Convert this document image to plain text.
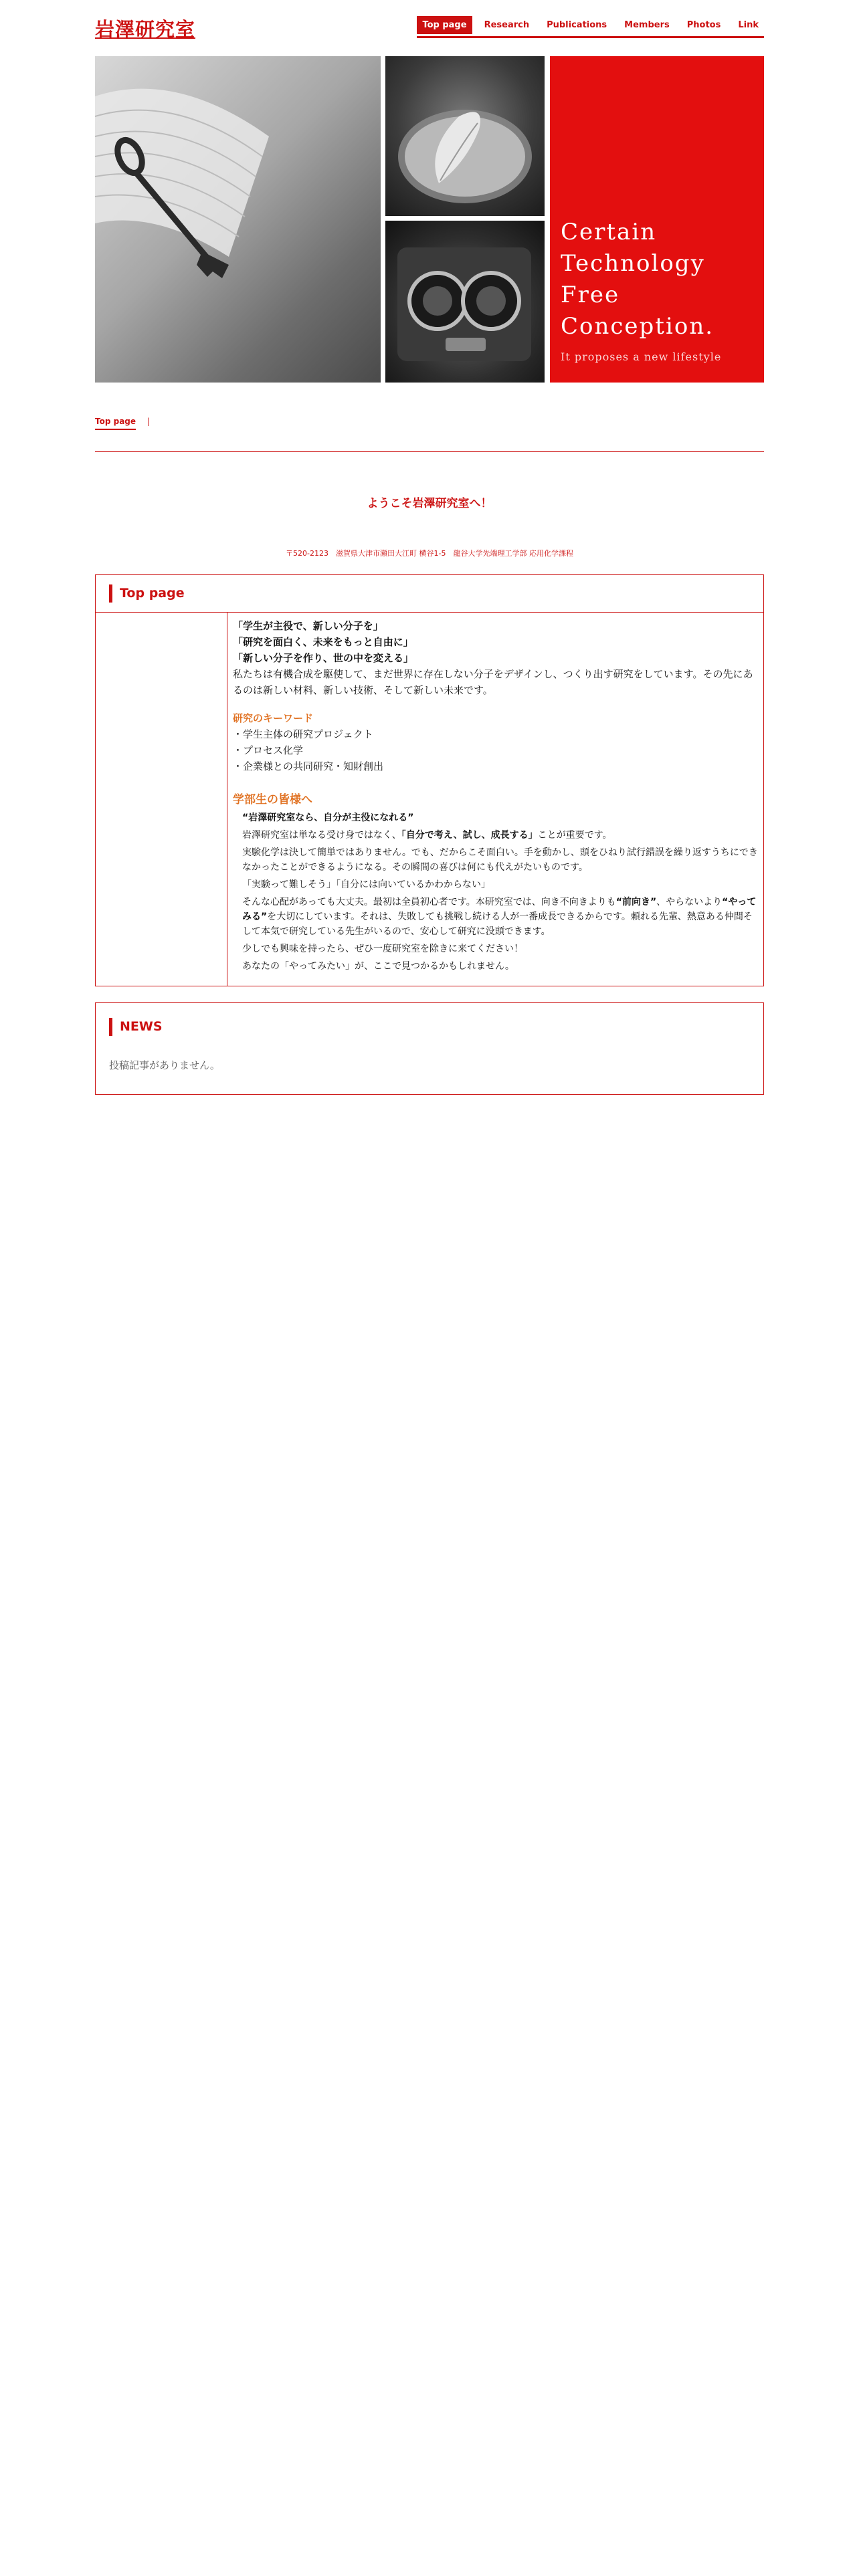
岩澤研究室	Top page	Research	Publications	Members	Photos	Link
Certain
Technology
Free
Conception.
It proposes a new lifestyle
Top page |
ようこそ岩澤研究室へ！
〒520-2123　滋賀県大津市瀬田大江町 横谷1-5　龍谷大学先端理工学部 応用化学課程
Top page
「学生が主役で、新しい分子を」
「研究を面白く、未来をもっと自由に」
「新しい分子を作り、世の中を変える」
私たちは有機合成を駆使して、まだ世界に存在しない分子をデザインし、つくり出す研究をしています。その先にあるのは新しい材料、新しい技術、そして新しい未来です。
研究のキーワード
・学生主体の研究プロジェクト
・プロセス化学
・企業様との共同研究・知財創出
学部生の皆様へ

“岩澤研究室なら、自分が主役になれる”

岩澤研究室は単なる受け身ではなく、「自分で考え、試し、成長する」ことが重要です。

実験化学は決して簡単ではありません。でも、だからこそ面白い。手を動かし、頭をひねり試行錯誤を繰り返すうちにできなかったことができるようになる。その瞬間の喜びは何にも代えがたいものです。

「実験って難しそう」「自分には向いているかわからない」

そんな心配があっても大丈夫。最初は全員初心者です。本研究室では、向き不向きよりも“前向き”、やらないより“やってみる”を大切にしています。それは、失敗しても挑戦し続ける人が一番成長できるからです。頼れる先輩、熱意ある仲間そして本気で研究している先生がいるので、安心して研究に没頭できます。

少しでも興味を持ったら、ぜひ一度研究室を除きに来てください！

あなたの「やってみたい」が、ここで見つかるかもしれません。

NEWS
投稿記事がありません。
